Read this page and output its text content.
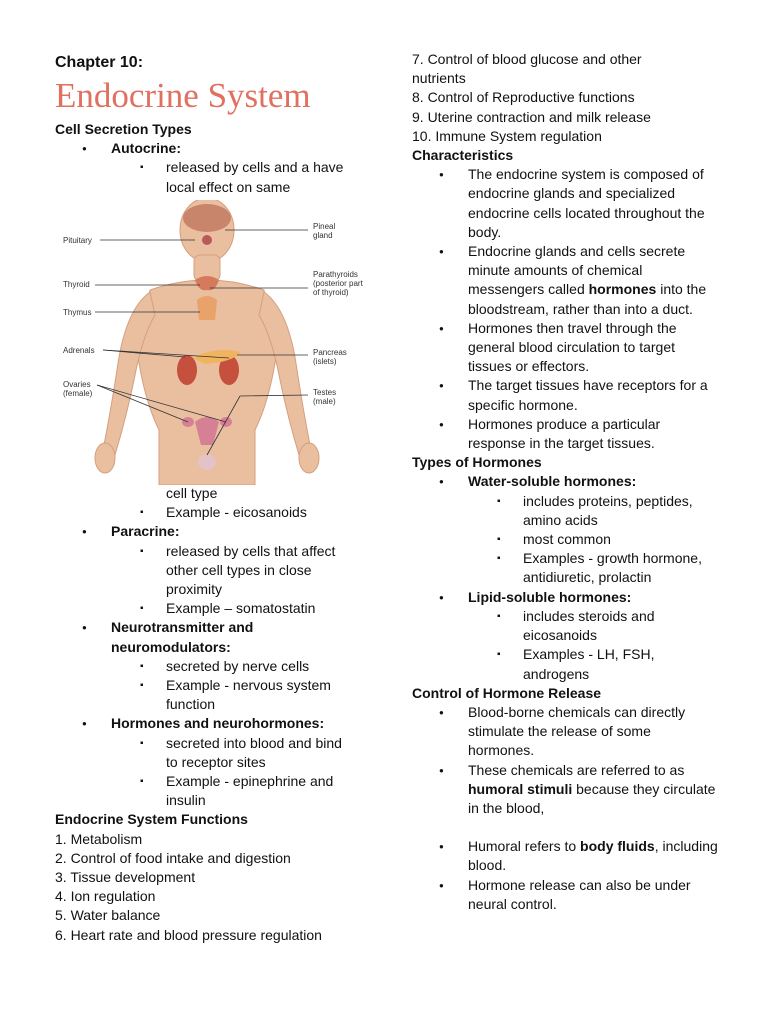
Chapter 10:
Endocrine System
Cell Secretion Types
● Autocrine:
▪ released by cells and a have local effect on same
Pituitary
Thyroid
Thymus
Adrenals
Ovaries (female)
Pineal gland
Parathyroids (posterior part of thyroid)
Pancreas (islets)
Testes (male)
cell type
▪ Example - eicosanoids
● Paracrine:
▪ released by cells that affect other cell types in close proximity
▪ Example – somatostatin
● Neurotransmitter and neuromodulators:
▪ secreted by nerve cells
▪ Example - nervous system function
● Hormones and neurohormones:
▪ secreted into blood and bind to receptor sites
▪ Example - epinephrine and insulin
Endocrine System Functions
1. Metabolism
2. Control of food intake and digestion
3. Tissue development
4. Ion regulation
5. Water balance
6. Heart rate and blood pressure regulation
7. Control of blood glucose and other nutrients
8. Control of Reproductive functions
9. Uterine contraction and milk release
10. Immune System regulation
Characteristics
● The endocrine system is composed of endocrine glands and specialized endocrine cells located throughout the body.
● Endocrine glands and cells secrete minute amounts of chemical messengers called hormones into the bloodstream, rather than into a duct.
● Hormones then travel through the general blood circulation to target tissues or effectors.
● The target tissues have receptors for a specific hormone.
● Hormones produce a particular response in the target tissues.
Types of Hormones
● Water-soluble hormones:
▪ includes proteins, peptides, amino acids
▪ most common
▪ Examples - growth hormone, antidiuretic, prolactin
● Lipid-soluble hormones:
▪ includes steroids and eicosanoids
▪ Examples - LH, FSH, androgens
Control of Hormone Release
● Blood-borne chemicals can directly stimulate the release of some hormones.
● These chemicals are referred to as humoral stimuli because they circulate in the blood,
● Humoral refers to body fluids, including blood.
● Hormone release can also be under neural control.
